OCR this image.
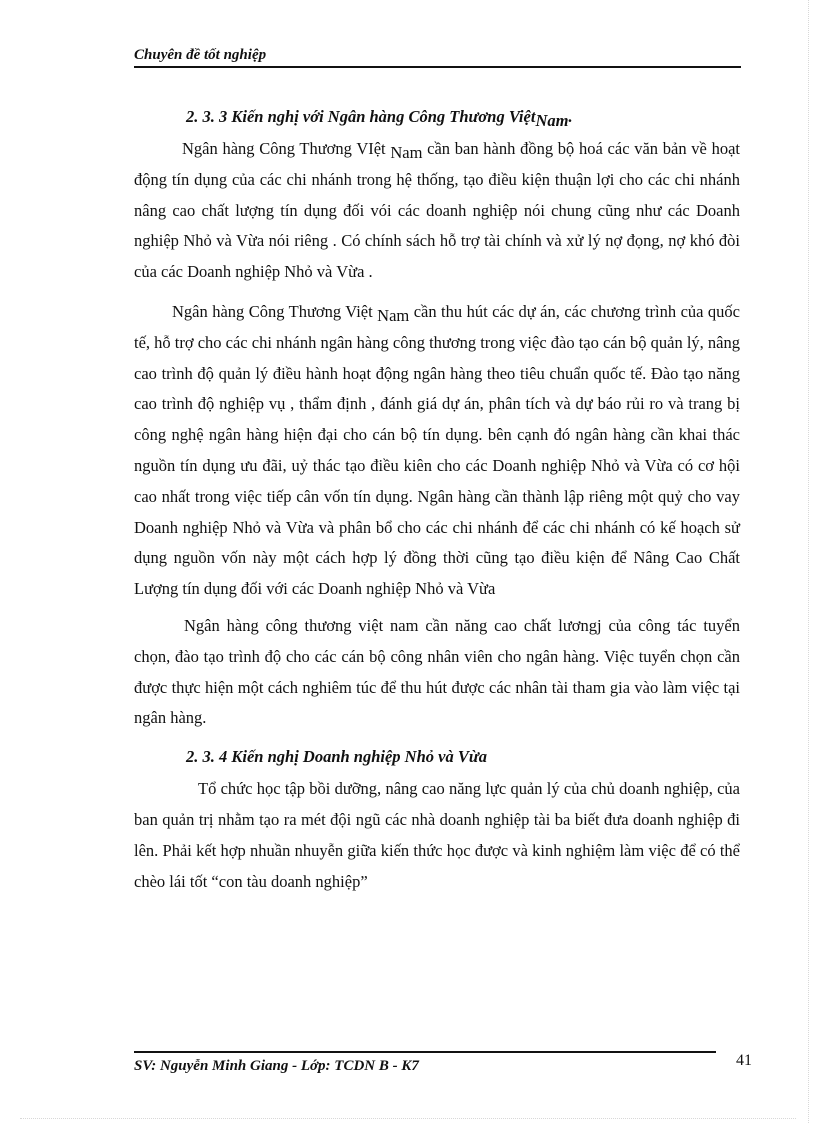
Chuyên đề tốt nghiệp
2. 3. 3 Kiến nghị với Ngân hàng Công Thương ViệtNam.

Ngân hàng Công Thương VIệt Nam cần ban hành đồng bộ hoá các văn bản về hoạt động tín dụng của các chi nhánh trong hệ thống, tạo điều kiện thuận lợi cho các chi nhánh nâng cao chất lượng tín dụng đối vói các doanh nghiệp nói chung cũng như các Doanh nghiệp Nhỏ và Vừa nói riêng . Có chính sách hỗ trợ tài chính và xử lý nợ đọng, nợ khó đòi của các Doanh nghiệp Nhỏ và Vừa .

Ngân hàng Công Thương Việt Nam cần thu hút các dự án, các chương trình của quốc tế, hỗ trợ cho các chi nhánh ngân hàng công thương trong việc đào tạo cán bộ quản lý, nâng cao trình độ quản lý điều hành hoạt động ngân hàng theo tiêu chuẩn quốc tế. Đào tạo năng cao trình độ nghiệp vụ , thẩm định , đánh giá dự án, phân tích và dự báo rủi ro và trang bị công nghệ ngân hàng hiện đại cho cán bộ tín dụng. bên cạnh đó ngân hàng cần khai thác nguồn tín dụng ưu đãi, uỷ thác tạo điều kiên cho các Doanh nghiệp Nhỏ và Vừa có cơ hội cao nhất trong việc tiếp cân vốn tín dụng. Ngân hàng cần thành lập riêng một quỷ cho vay Doanh nghiệp Nhỏ và Vừa và phân bổ cho các chi nhánh để các chi nhánh có kế hoạch sử dụng nguồn vốn này một cách hợp lý đồng thời cũng tạo điều kiện để Nâng Cao Chất Lượng tín dụng đối với các Doanh nghiệp Nhỏ và Vừa

Ngân hàng công thương việt nam cần năng cao chất lươngj của công tác tuyển chọn, đào tạo trình độ cho các cán bộ công nhân viên cho ngân hàng. Việc tuyển chọn cần được thực hiện một cách nghiêm túc để thu hút được các nhân tài tham gia vào làm việc tại ngân hàng.

2. 3. 4 Kiến nghị Doanh nghiệp Nhỏ và Vừa

Tổ chức học tập bồi dưỡng, nâng cao năng lực quản lý của chủ doanh nghiệp, của ban quản trị nhằm tạo ra mét đội ngũ các nhà doanh nghiệp tài ba biết đưa doanh nghiệp đi lên. Phải kết hợp nhuần nhuyễn giữa kiến thức học được và kinh nghiệm làm việc để có thể chèo lái tốt “con tàu doanh nghiệp”

SV: Nguyễn Minh Giang - Lớp: TCDN B - K7	41
